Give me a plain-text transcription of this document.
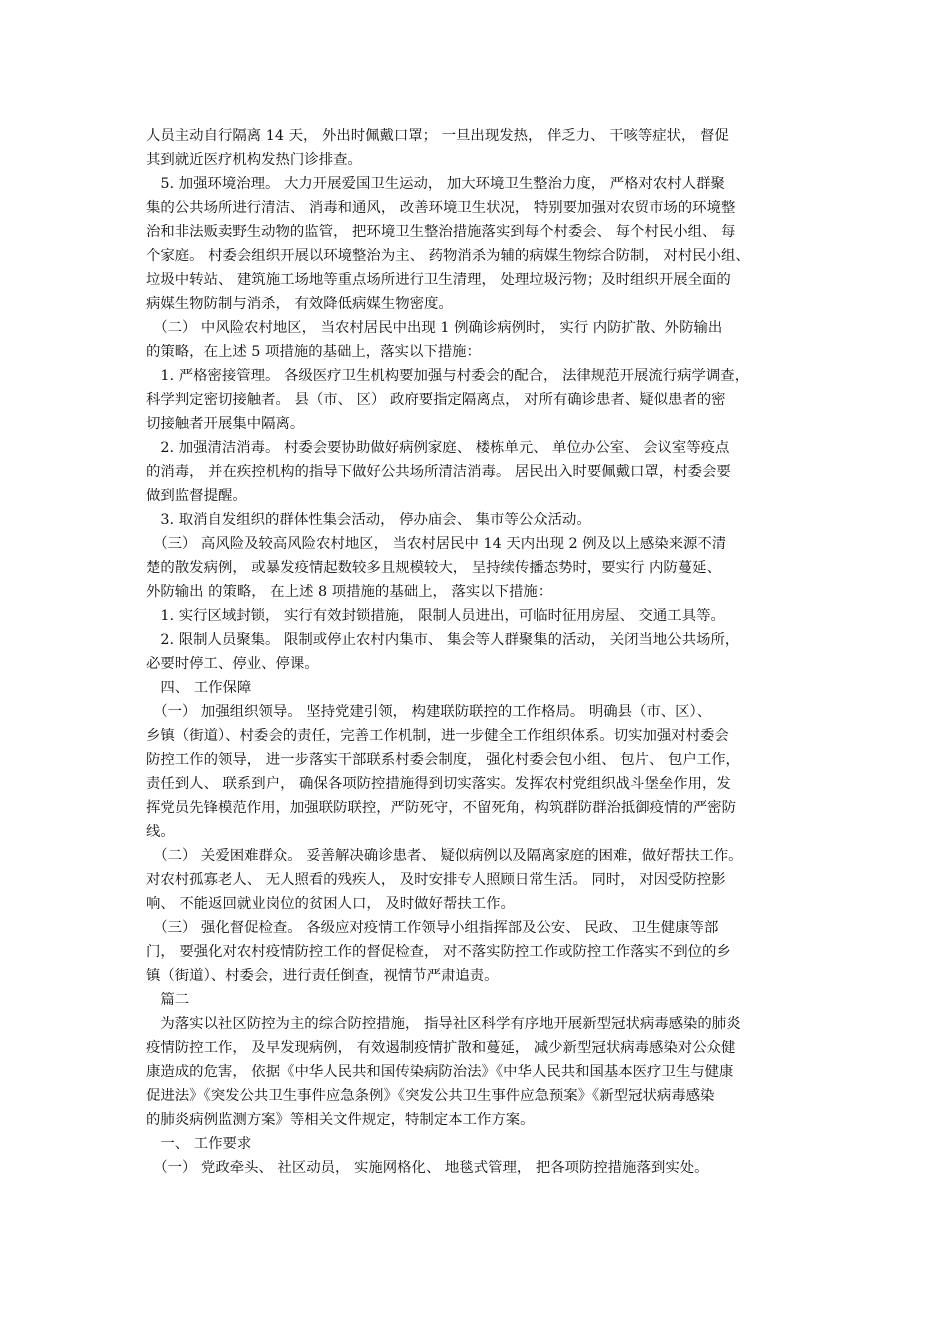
人员主动自行隔离 14 天， 外出时佩戴口罩； 一旦出现发热， 伴乏力、 干咳等症状， 督促
其到就近医疗机构发热门诊排查。
　5. 加强环境治理。 大力开展爱国卫生运动， 加大环境卫生整治力度， 严格对农村人群聚
集的公共场所进行清洁、 消毒和通风， 改善环境卫生状况， 特别要加强对农贸市场的环境整
治和非法贩卖野生动物的监管， 把环境卫生整治措施落实到每个村委会、 每个村民小组、 每
个家庭。 村委会组织开展以环境整治为主、 药物消杀为辅的病媒生物综合防制， 对村民小组、
垃圾中转站、 建筑施工场地等重点场所进行卫生清理， 处理垃圾污物；及时组织开展全面的
病媒生物防制与消杀， 有效降低病媒生物密度。
　（二） 中风险农村地区， 当农村居民中出现 1 例确诊病例时， 实行 内防扩散、外防输出
的策略，在上述 5 项措施的基础上，落实以下措施：
　1. 严格密接管理。 各级医疗卫生机构要加强与村委会的配合， 法律规范开展流行病学调查，
科学判定密切接触者。 县（市、 区） 政府要指定隔离点， 对所有确诊患者、疑似患者的密
切接触者开展集中隔离。
　2. 加强清洁消毒。 村委会要协助做好病例家庭、 楼栋单元、 单位办公室、 会议室等疫点
的消毒， 并在疾控机构的指导下做好公共场所清洁消毒。 居民出入时要佩戴口罩，村委会要
做到监督提醒。
　3. 取消自发组织的群体性集会活动， 停办庙会、 集市等公众活动。
　（三） 高风险及较高风险农村地区， 当农村居民中 14 天内出现 2 例及以上感染来源不清
楚的散发病例， 或暴发疫情起数较多且规模较大， 呈持续传播态势时，要实行 内防蔓延、
外防输出 的策略， 在上述 8 项措施的基础上， 落实以下措施：
　1. 实行区域封锁， 实行有效封锁措施， 限制人员进出，可临时征用房屋、 交通工具等。
　2. 限制人员聚集。 限制或停止农村内集市、 集会等人群聚集的活动， 关闭当地公共场所，
必要时停工、停业、停课。
　四、 工作保障
　（一） 加强组织领导。 坚持党建引领， 构建联防联控的工作格局。 明确县（市、区）、
乡镇（街道）、村委会的责任，完善工作机制，进一步健全工作组织体系。切实加强对村委会
防控工作的领导， 进一步落实干部联系村委会制度， 强化村委会包小组、 包片、 包户工作，
责任到人、 联系到户， 确保各项防控措施得到切实落实。发挥农村党组织战斗堡垒作用，发
挥党员先锋模范作用，加强联防联控，严防死守，不留死角，构筑群防群治抵御疫情的严密防
线。
　（二） 关爱困难群众。 妥善解决确诊患者、 疑似病例以及隔离家庭的困难，做好帮扶工作。
对农村孤寡老人、 无人照看的残疾人， 及时安排专人照顾日常生活。 同时， 对因受防控影
响、 不能返回就业岗位的贫困人口， 及时做好帮扶工作。
　（三） 强化督促检查。 各级应对疫情工作领导小组指挥部及公安、 民政、 卫生健康等部
门， 要强化对农村疫情防控工作的督促检查， 对不落实防控工作或防控工作落实不到位的乡
镇（街道）、村委会，进行责任倒查，视情节严肃追责。
　篇二
　为落实以社区防控为主的综合防控措施， 指导社区科学有序地开展新型冠状病毒感染的肺炎
疫情防控工作， 及早发现病例， 有效遏制疫情扩散和蔓延， 减少新型冠状病毒感染对公众健
康造成的危害， 依据《中华人民共和国传染病防治法》《中华人民共和国基本医疗卫生与健康
促进法》《突发公共卫生事件应急条例》《突发公共卫生事件应急预案》《新型冠状病毒感染
的肺炎病例监测方案》等相关文件规定，特制定本工作方案。
　一、 工作要求
　（一） 党政牵头、 社区动员， 实施网格化、 地毯式管理， 把各项防控措施落到实处。
